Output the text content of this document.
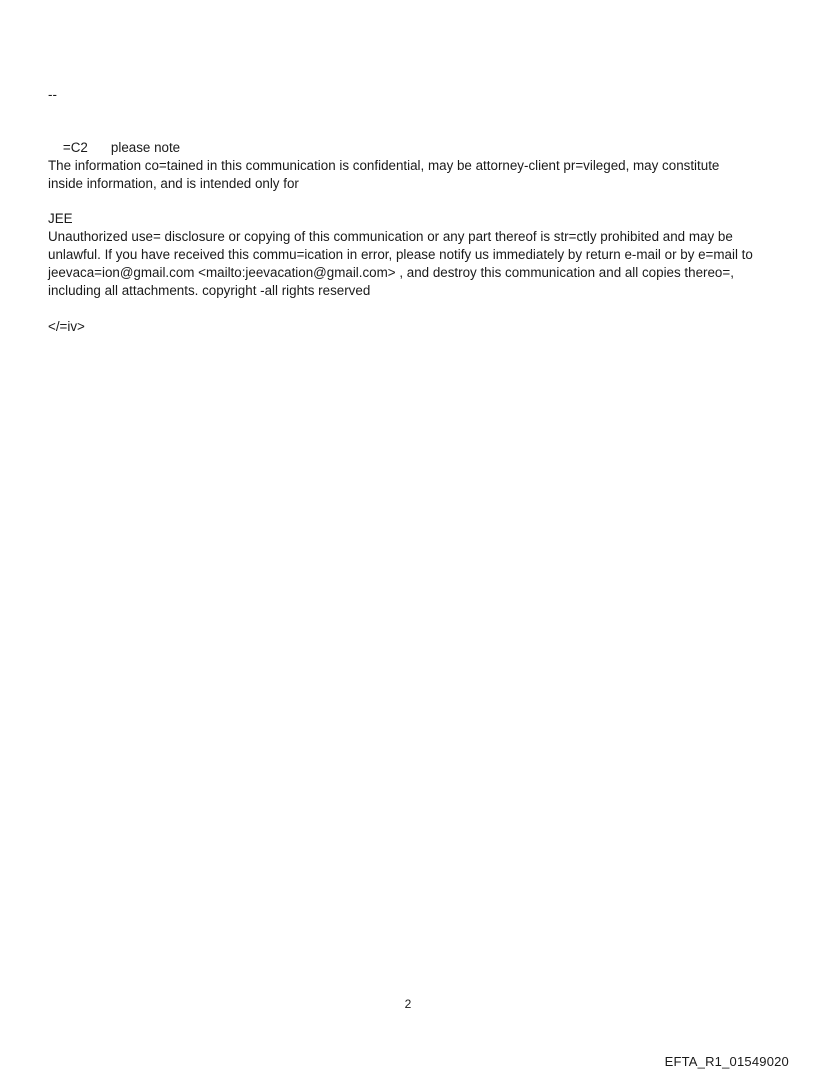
--

=C2 please note

The information co=tained in this communication is confidential, may be attorney-client pr=vileged, may constitute
inside information, and is intended only for
JEE
Unauthorized use= disclosure or copying of this communication or any part thereof is str=ctly prohibited and may be
unlawful. If you have received this commu=ication in error, please notify us immediately by return e-mail or by e=mail to
jeevaca=ion@gmail.com <mailto:jeevacation@gmail.com> , and destroy this communication and all copies thereo=,
including all attachments. copyright -all rights reserved
</=iv>
2
EFTA_R1_01549020
